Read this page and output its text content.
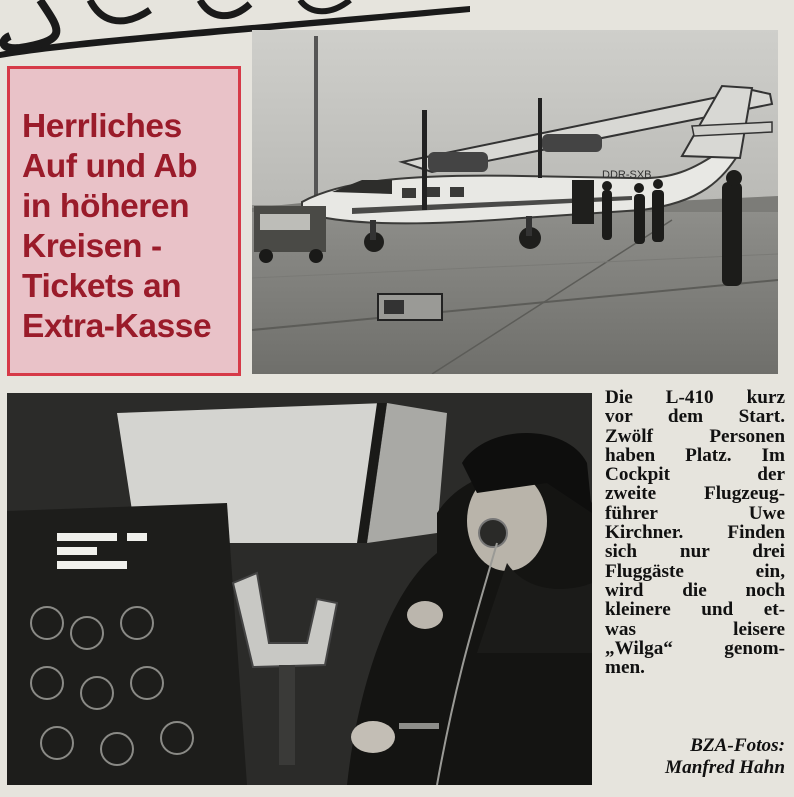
Herrliches
Auf und Ab
in höheren
Kreisen -
Tickets an
Extra-Kasse
DDR-SXB
Die L-410 kurz
vor dem Start.
Zwölf Personen
haben Platz. Im
Cockpit der
zweite Flugzeug-
führer Uwe
Kirchner. Finden
sich nur drei
Fluggäste ein,
wird die noch
kleinere und et-
was leisere
„Wilga“ genom-
men.
BZA-Fotos:
Manfred Hahn
